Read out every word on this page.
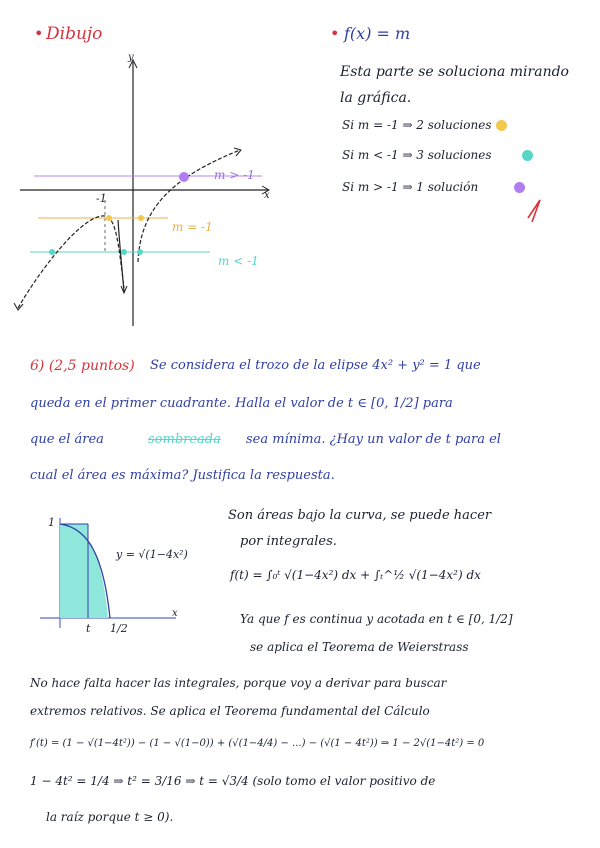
• Dibujo	• f(x) = m
y
x
-1
m > -1
m = -1
m < -1
Esta parte se soluciona mirando
la gráfica.
Si m = -1 ⇒ 2 soluciones
Si m < -1 ⇒ 3 soluciones
Si m > -1 ⇒ 1 solución
6) (2,5 puntos) Se considera el trozo de la elipse 4x² + y² = 1 que
queda en el primer cuadrante. Halla el valor de t ∈ [0, 1/2] para
que el área	sombreada sea mínima. ¿Hay un valor de t para el
cual el área es máxima? Justifica la respuesta.
1
t 1/2
x
y = √(1−4x²)
Son áreas bajo la curva, se puede hacer
por integrales.
f(t) = ∫₀ᵗ √(1−4x²) dx + ∫ₜ^½ √(1−4x²) dx
Ya que f es continua y acotada en t ∈ [0, 1/2]
se aplica el Teorema de Weierstrass
No hace falta hacer las integrales, porque voy a derivar para buscar
extremos relativos. Se aplica el Teorema fundamental del Cálculo
f′(t) = (1 − √(1−4t²)) − (1 − √(1−0)) + (√(1−4/4) − ...) − (√(1 − 4t²)) ⇒ 1 − 2√(1−4t²) = 0
1 − 4t² = 1/4 ⇒ t² = 3/16 ⇒ t = √3/4 (solo tomo el valor positivo de
la raíz porque t ≥ 0).
